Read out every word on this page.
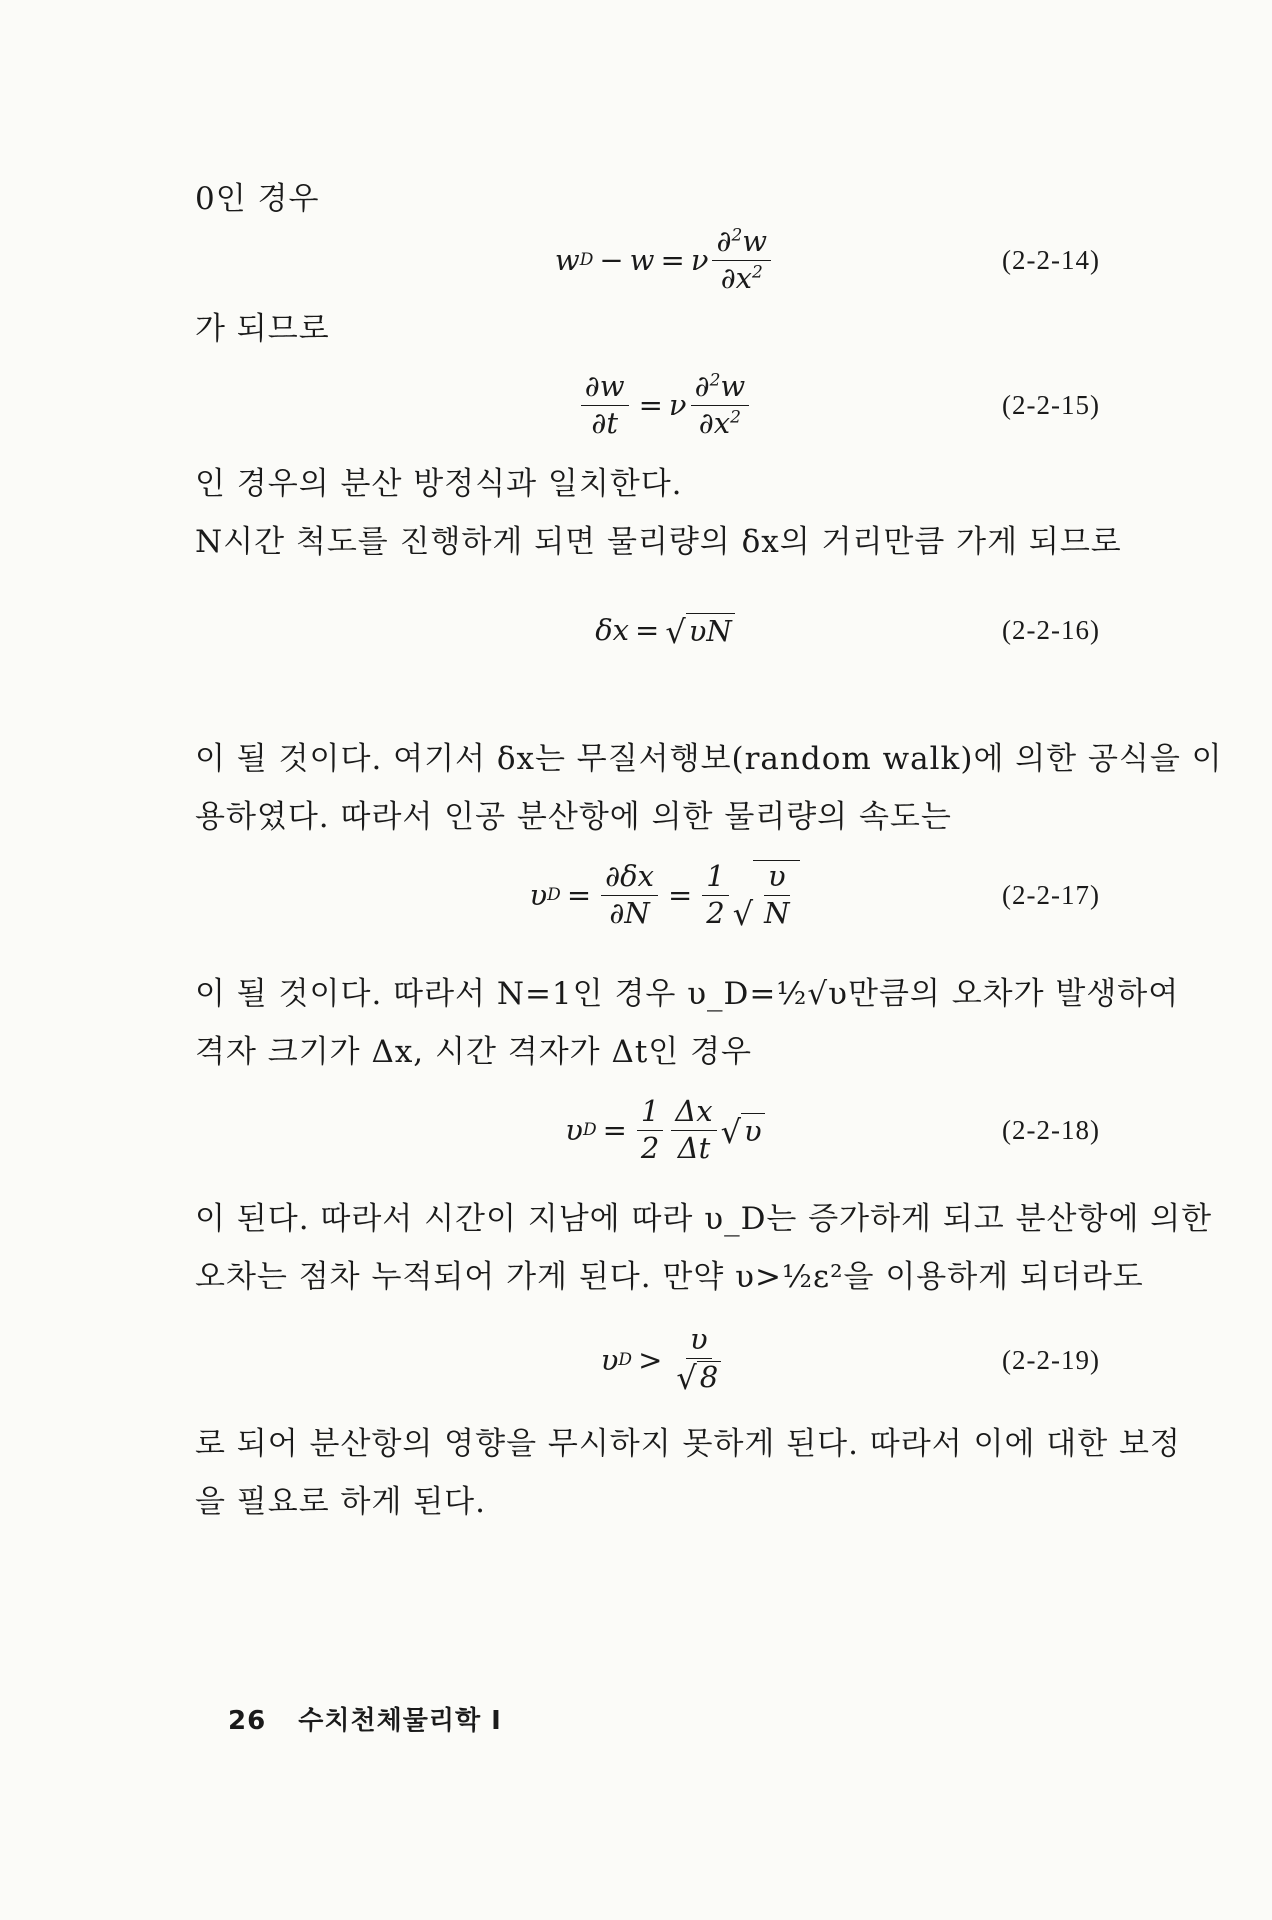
0인 경우
w D − w = ν $\frac{\partial^2w}{\partial x^2}$	(2-2-14)
가 되므로
$\frac{\partial w}{\partial t} = \nu \frac{\partial^2w}{\partial x^2}$	(2-2-15)
인 경우의 분산 방정식과 일치한다.
N시간 척도를 진행하게 되면 물리량의 δx의 거리만큼 가게 되므로
δx = √ υN	(2-2-16)
이 될 것이다. 여기서 δx는 무질서행보(random walk)에 의한 공식을 이
용하였다. 따라서 인공 분산항에 의한 물리량의 속도는
υ $D = \frac{\partial\delta x}{\partial N} = \frac{1}{2}$ √ $\frac{\upsilon}{N}$	(2-2-17)
이 될 것이다. 따라서 N=1인 경우 υ_D=½√υ만큼의 오차가 발생하여
격자 크기가 Δx, 시간 격자가 Δt인 경우
υ $D = \frac{1}{2} \frac{\Delta x}{\Delta t}$ √ υ	(2-2-18)
이 된다. 따라서 시간이 지남에 따라 υ_D는 증가하게 되고 분산항에 의한
오차는 점차 누적되어 가게 된다. 만약 υ>½ε²을 이용하게 되더라도
υ $D > \frac{\upsilon}{√ 8}$	(2-2-19)
로 되어 분산항의 영향을 무시하지 못하게 된다. 따라서 이에 대한 보정
을 필요로 하게 된다.
26 수치천체물리학 I
